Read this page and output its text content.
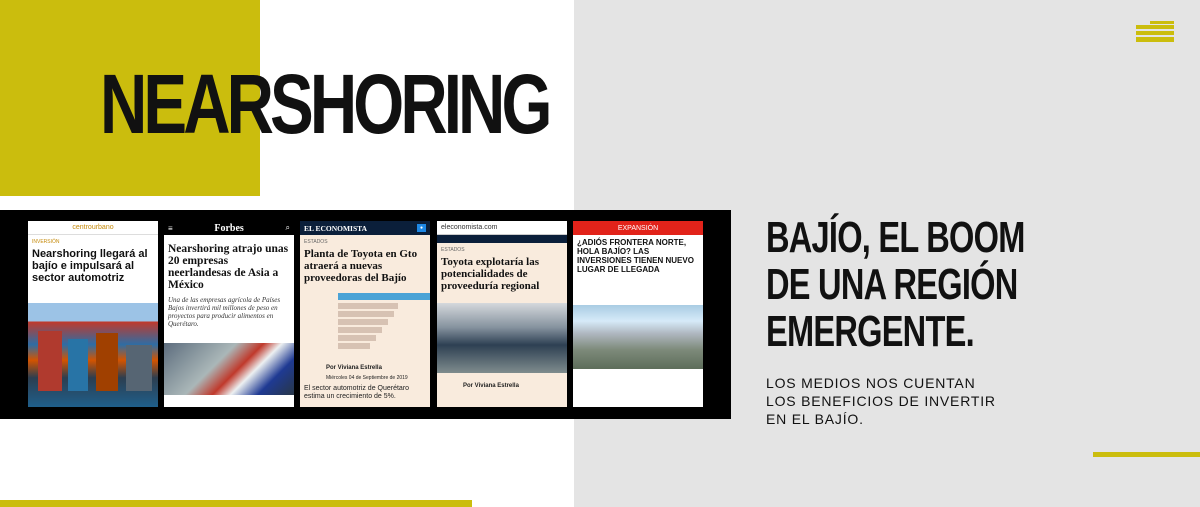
NEARSHORING
centrourbano
INVERSIÓN
Nearshoring llegará al bajío e impulsará al sector automotriz
≡	Forbes	⌕
Nearshoring atrajo unas 20 empresas neerlandesas de Asia a México
Una de las empresas agrícola de Países Bajos invertirá mil millones de peso en proyectos para producir alimentos en Querétaro.
EL ECONOMISTA	●
ESTADOS
Planta de Toyota en Gto atraerá a nuevas proveedoras del Bajío
Por Viviana Estrella
Miércoles 04 de Septiembre de 2019
El sector automotriz de Querétaro estima un crecimiento de 5%.
eleconomista.com
ESTADOS
Toyota explotaría las potencialidades de proveeduría regional
Por Viviana Estrella
EXPANSIÓN
¿ADIÓS FRONTERA NORTE, HOLA BAJÍO? LAS INVERSIONES TIENEN NUEVO LUGAR DE LLEGADA
BAJÍO, EL BOOM
DE UNA REGIÓN
EMERGENTE.
LOS MEDIOS NOS CUENTAN
LOS BENEFICIOS DE INVERTIR
EN EL BAJÍO.
